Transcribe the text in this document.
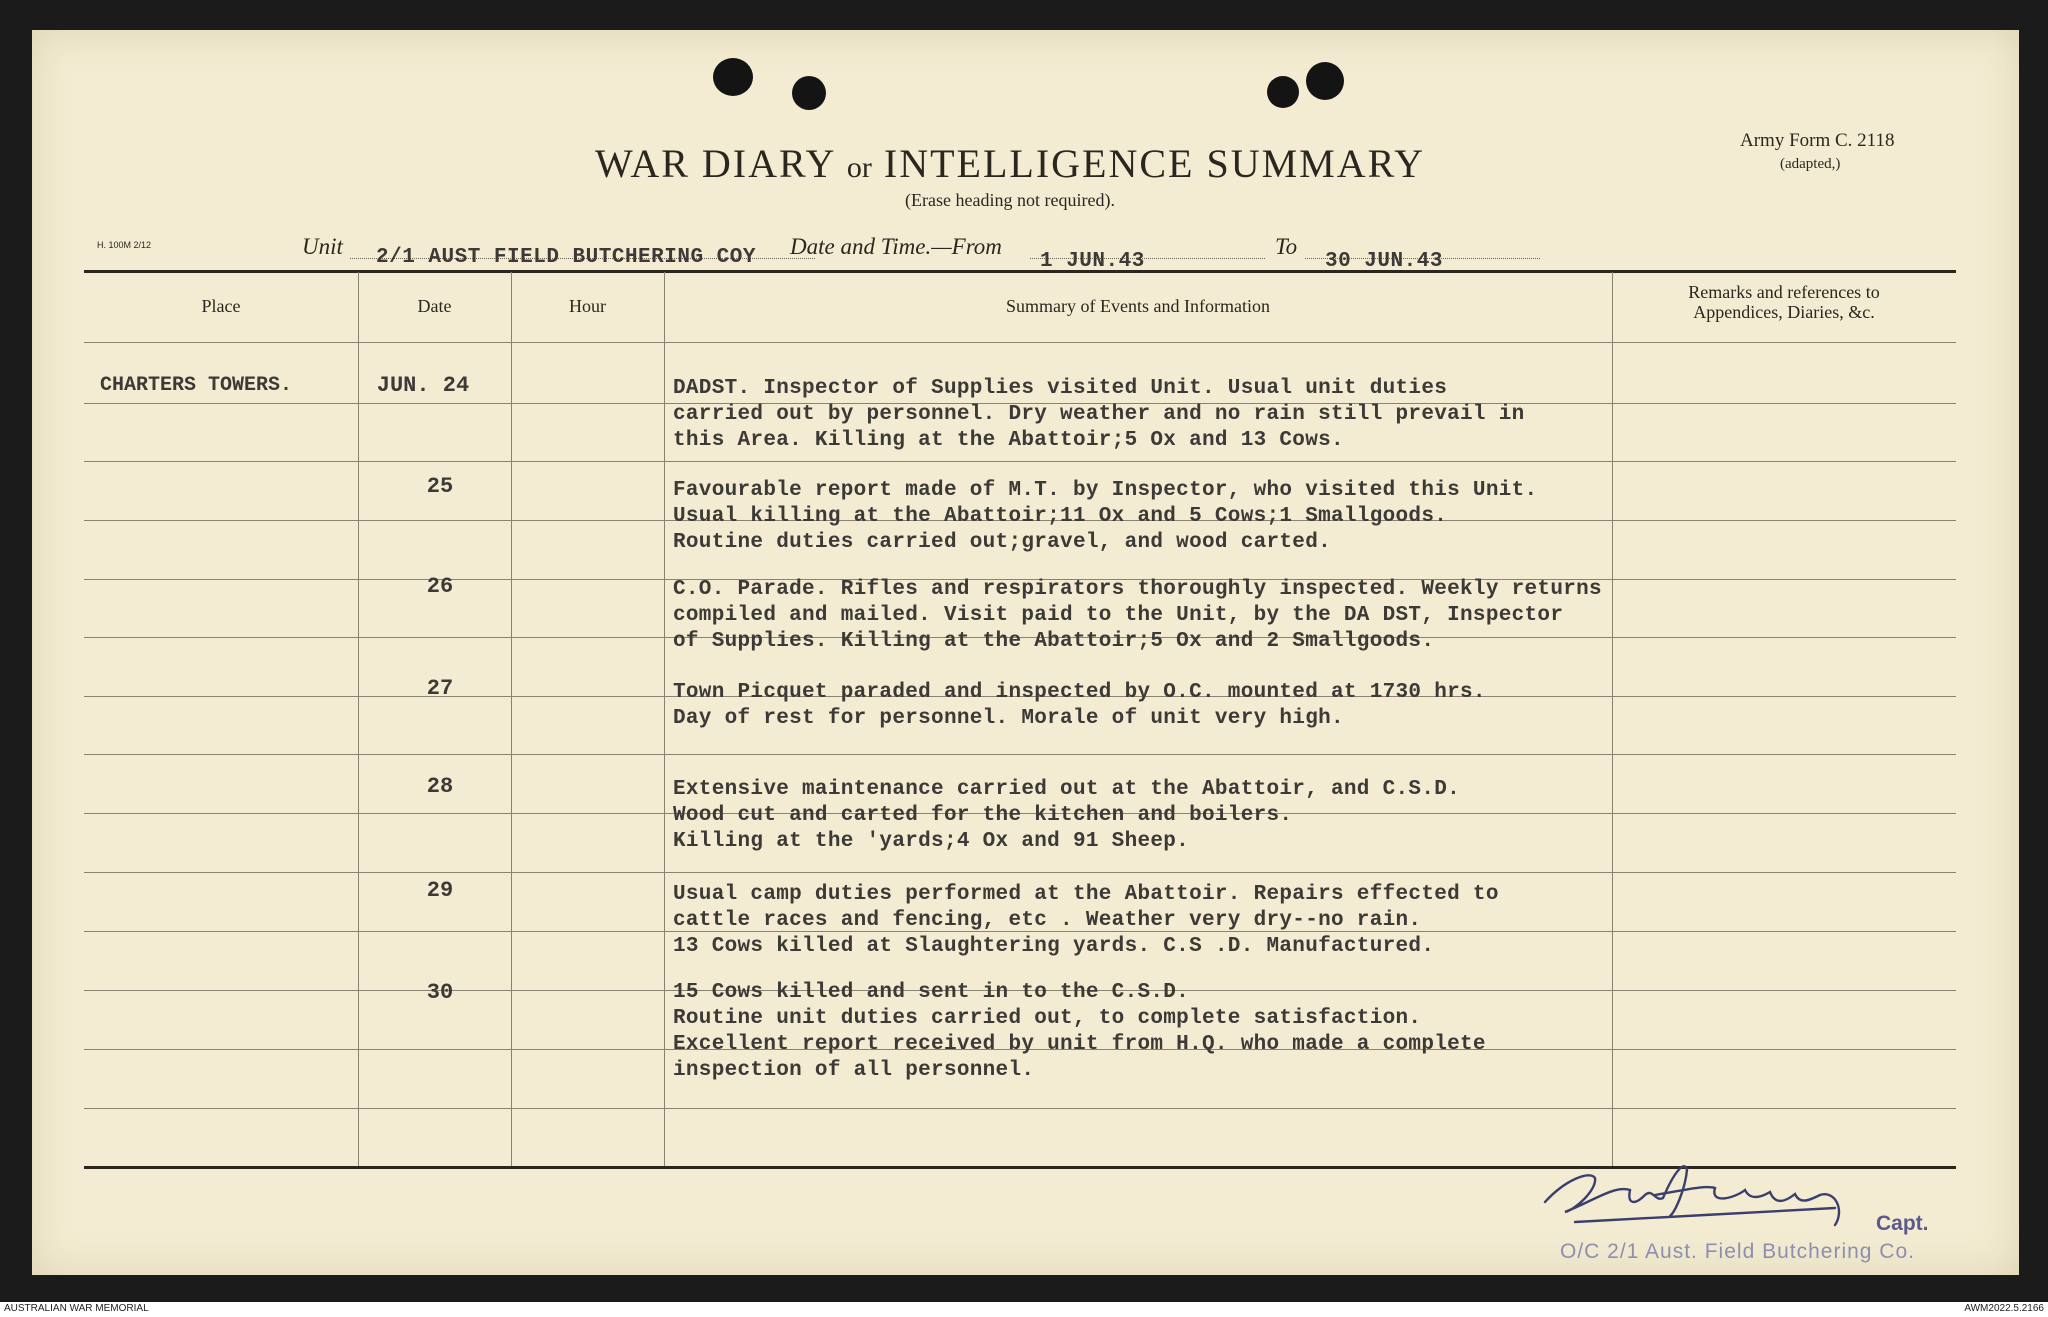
WAR DIARY or INTELLIGENCE SUMMARY
(Erase heading not required).
Army Form C. 2118
(adapted,)
H. 100M 2/12	Unit 2/1 AUST FIELD BUTCHERING COY Date and Time.—From
1 JUN.43
To
30 JUN.43
Place	Date	Hour	Summary of Events and Information
Remarks and references to
Appendices, Diaries, &c.
CHARTERS TOWERS.	JUN. 24	DADST. Inspector of Supplies visited Unit. Usual unit duties
carried out by personnel. Dry weather and no rain still prevail in
this Area. Killing at the Abattoir;5 Ox and 13 Cows.
25	Favourable report made of M.T. by Inspector, who visited this Unit.
Usual killing at the Abattoir;11 Ox and 5 Cows;1 Smallgoods.
Routine duties carried out;gravel, and wood carted.
26	C.O. Parade. Rifles and respirators thoroughly inspected. Weekly returns
compiled and mailed. Visit paid to the Unit, by the DA DST, Inspector
of Supplies. Killing at the Abattoir;5 Ox and 2 Smallgoods.
27	Town Picquet paraded and inspected by O.C. mounted at 1730 hrs.
Day of rest for personnel. Morale of unit very high.
28	Extensive maintenance carried out at the Abattoir, and C.S.D.
Wood cut and carted for the kitchen and boilers.
Killing at the 'yards;4 Ox and 91 Sheep.
29	Usual camp duties performed at the Abattoir. Repairs effected to
cattle races and fencing, etc . Weather very dry--no rain.
13 Cows killed at Slaughtering yards. C.S .D. Manufactured.
30	15 Cows killed and sent in to the C.S.D.
Routine unit duties carried out, to complete satisfaction.
Excellent report received by unit from H.Q. who made a complete
inspection of all personnel.
Capt.
O/C 2/1 Aust. Field Butchering Co.
AUSTRALIAN WAR MEMORIAL	AWM2022.5.2166
